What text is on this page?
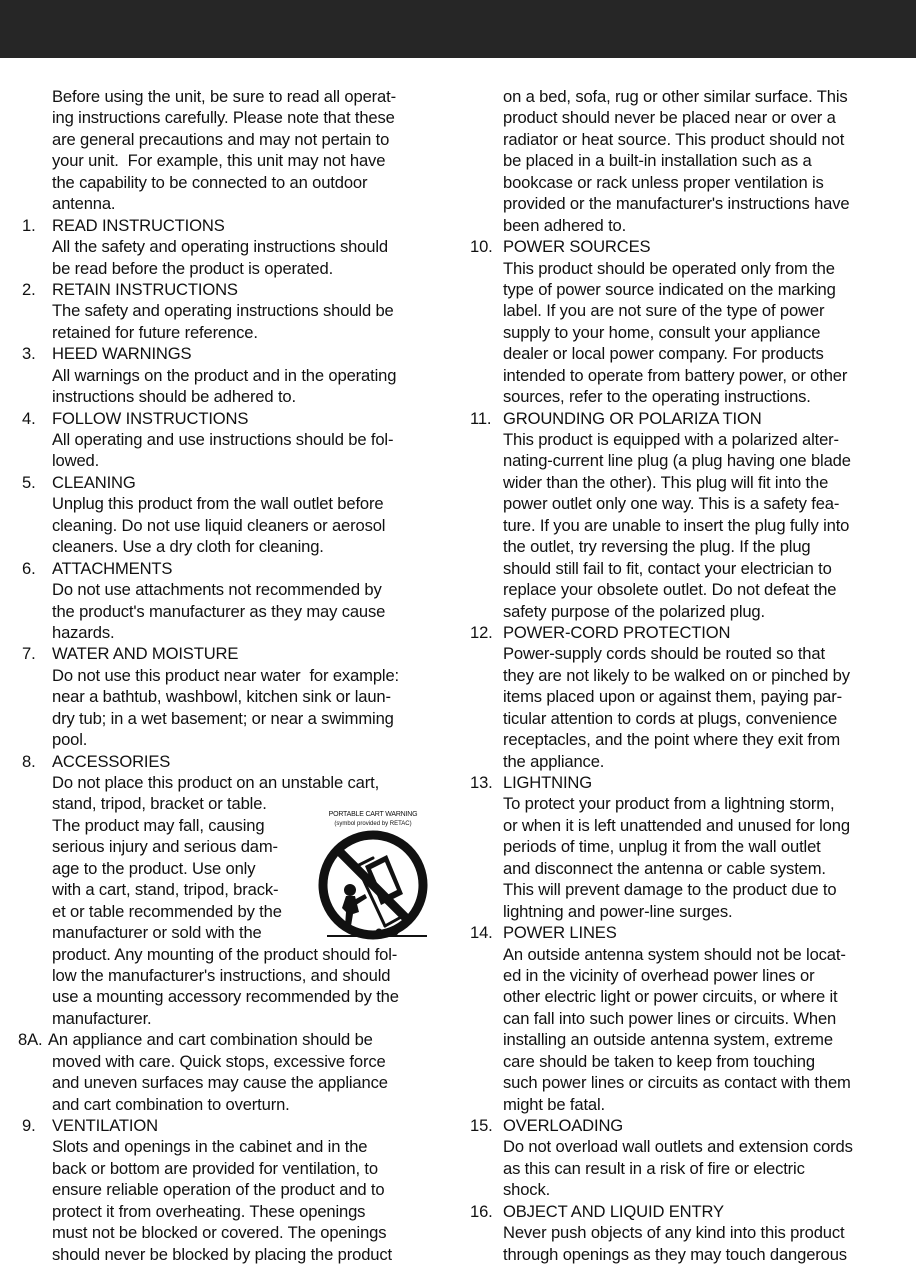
Before using the unit, be sure to read all operat-
ing instructions carefully. Please note that these
are general precautions and may not pertain to
your unit.  For example, this unit may not have
the capability to be connected to an outdoor
antenna.
1. READ INSTRUCTIONS
All the safety and operating instructions should
be read before the product is operated.
2. RETAIN INSTRUCTIONS
The safety and operating instructions should be
retained for future reference.
3. HEED WARNINGS
All warnings on the product and in the operating
instructions should be adhered to.
4. FOLLOW INSTRUCTIONS
All operating and use instructions should be fol-
lowed.
5. CLEANING
Unplug this product from the wall outlet before
cleaning. Do not use liquid cleaners or aerosol
cleaners. Use a dry cloth for cleaning.
6. ATTACHMENTS
Do not use attachments not recommended by
the product's manufacturer as they may cause
hazards.
7. WATER AND MOISTURE
Do not use this product near water  for example:
near a bathtub, washbowl, kitchen sink or laun-
dry tub; in a wet basement; or near a swimming
pool.
8. ACCESSORIES
Do not place this product on an unstable cart,
stand, tripod, bracket or table.
The product may fall, causing
serious injury and serious dam-
age to the product. Use only
with a cart, stand, tripod, brack-
et or table recommended by the
manufacturer or sold with the
product. Any mounting of the product should fol-
low the manufacturer's instructions, and should
use a mounting accessory recommended by the
manufacturer.
8A. An appliance and cart combination should be
moved with care. Quick stops, excessive force
and uneven surfaces may cause the appliance
and cart combination to overturn.
9. VENTILATION
Slots and openings in the cabinet and in the
back or bottom are provided for ventilation, to
ensure reliable operation of the product and to
protect it from overheating. These openings
must not be blocked or covered. The openings
should never be blocked by placing the product
PORTABLE CART WARNING
(symbol provided by RETAC)
on a bed, sofa, rug or other similar surface. This
product should never be placed near or over a
radiator or heat source. This product should not
be placed in a built-in installation such as a
bookcase or rack unless proper ventilation is
provided or the manufacturer's instructions have
been adhered to.
10. POWER SOURCES
This product should be operated only from the
type of power source indicated on the marking
label. If you are not sure of the type of power
supply to your home, consult your appliance
dealer or local power company. For products
intended to operate from battery power, or other
sources, refer to the operating instructions.
11. GROUNDING OR POLARIZA TION
This product is equipped with a polarized alter-
nating-current line plug (a plug having one blade
wider than the other). This plug will fit into the
power outlet only one way. This is a safety fea-
ture. If you are unable to insert the plug fully into
the outlet, try reversing the plug. If the plug
should still fail to fit, contact your electrician to
replace your obsolete outlet. Do not defeat the
safety purpose of the polarized plug.
12. POWER-CORD PROTECTION
Power-supply cords should be routed so that
they are not likely to be walked on or pinched by
items placed upon or against them, paying par-
ticular attention to cords at plugs, convenience
receptacles, and the point where they exit from
the appliance.
13. LIGHTNING
To protect your product from a lightning storm,
or when it is left unattended and unused for long
periods of time, unplug it from the wall outlet
and disconnect the antenna or cable system.
This will prevent damage to the product due to
lightning and power-line surges.
14. POWER LINES
An outside antenna system should not be locat-
ed in the vicinity of overhead power lines or
other electric light or power circuits, or where it
can fall into such power lines or circuits. When
installing an outside antenna system, extreme
care should be taken to keep from touching
such power lines or circuits as contact with them
might be fatal.
15. OVERLOADING
Do not overload wall outlets and extension cords
as this can result in a risk of fire or electric
shock.
16. OBJECT AND LIQUID ENTRY
Never push objects of any kind into this product
through openings as they may touch dangerous
